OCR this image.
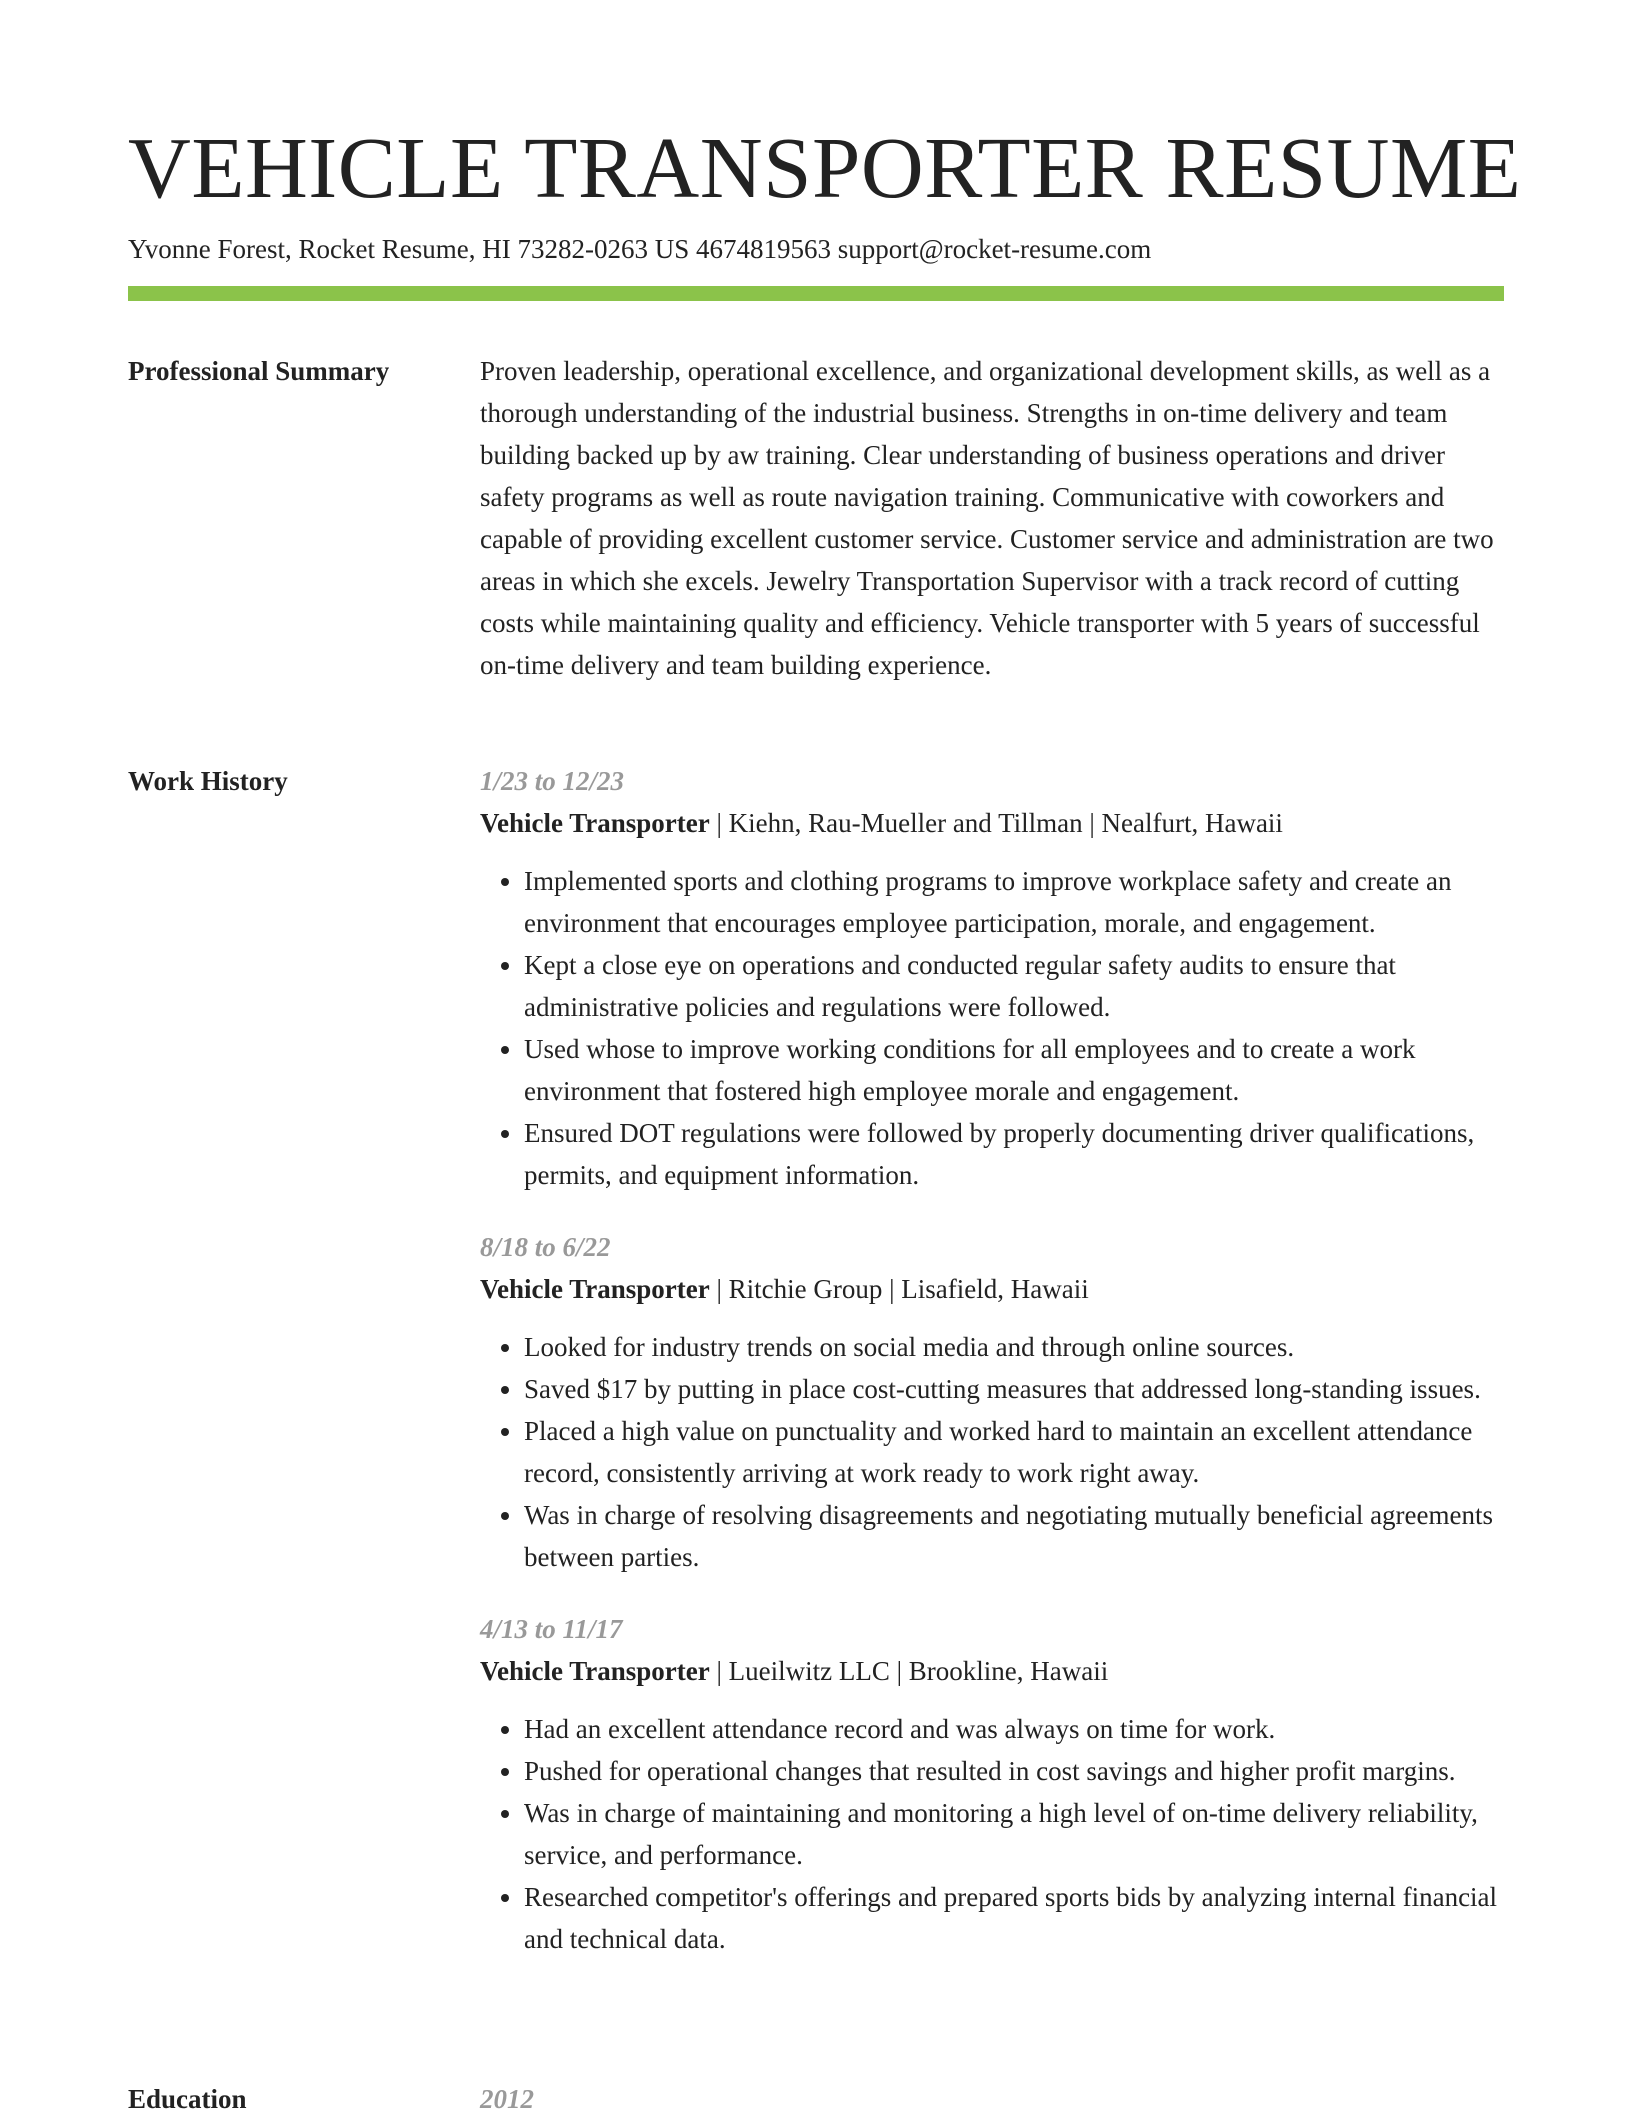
VEHICLE TRANSPORTER RESUME
Yvonne Forest, Rocket Resume, HI 73282-0263 US 4674819563 support@rocket-resume.com
Professional Summary	Proven leadership, operational excellence, and organizational development skills, as well as a thorough understanding of the industrial business. Strengths in on-time delivery and team building backed up by aw training. Clear understanding of business operations and driver safety programs as well as route navigation training. Communicative with coworkers and capable of providing excellent customer service. Customer service and administration are two areas in which she excels. Jewelry Transportation Supervisor with a track record of cutting costs while maintaining quality and efficiency. Vehicle transporter with 5 years of successful on-time delivery and team building experience.

Work History	1/23 to 12/23
Vehicle Transporter | Kiehn, Rau-Mueller and Tillman | Nealfurt, Hawaii
• Implemented sports and clothing programs to improve workplace safety and create an environment that encourages employee participation, morale, and engagement.
• Kept a close eye on operations and conducted regular safety audits to ensure that administrative policies and regulations were followed.
• Used whose to improve working conditions for all employees and to create a work environment that fostered high employee morale and engagement.
• Ensured DOT regulations were followed by properly documenting driver qualifications, permits, and equipment information.
8/18 to 6/22
Vehicle Transporter | Ritchie Group | Lisafield, Hawaii
• Looked for industry trends on social media and through online sources.
• Saved $17 by putting in place cost-cutting measures that addressed long-standing issues.
• Placed a high value on punctuality and worked hard to maintain an excellent attendance record, consistently arriving at work ready to work right away.
• Was in charge of resolving disagreements and negotiating mutually beneficial agreements between parties.
4/13 to 11/17
Vehicle Transporter | Lueilwitz LLC | Brookline, Hawaii
• Had an excellent attendance record and was always on time for work.
• Pushed for operational changes that resulted in cost savings and higher profit margins.
• Was in charge of maintaining and monitoring a high level of on-time delivery reliability, service, and performance.
• Researched competitor's offerings and prepared sports bids by analyzing internal financial and technical data.
Education	2012
